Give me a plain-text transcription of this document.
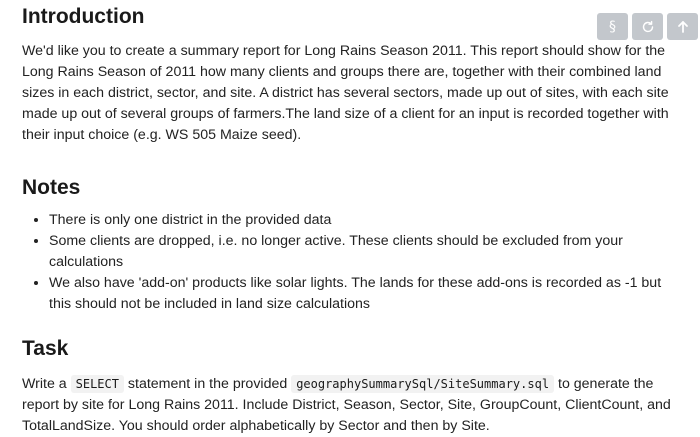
§
Introduction

We'd like you to create a summary report for Long Rains Season 2011. This report should show for the Long Rains Season of 2011 how many clients and groups there are, together with their combined land sizes in each district, sector, and site. A district has several sectors, made up out of sites, with each site made up out of several groups of farmers.The land size of a client for an input is recorded together with their input choice (e.g. WS 505 Maize seed).

Notes
• There is only one district in the provided data
• Some clients are dropped, i.e. no longer active. These clients should be excluded from your calculations
• We also have 'add-on' products like solar lights. The lands for these add-ons is recorded as -1 but this should not be included in land size calculations
Task

Write a SELECT statement in the provided geographySummarySql/SiteSummary.sql to generate the report by site for Long Rains 2011. Include District, Season, Sector, Site, GroupCount, ClientCount, and TotalLandSize. You should order alphabetically by Sector and then by Site.
